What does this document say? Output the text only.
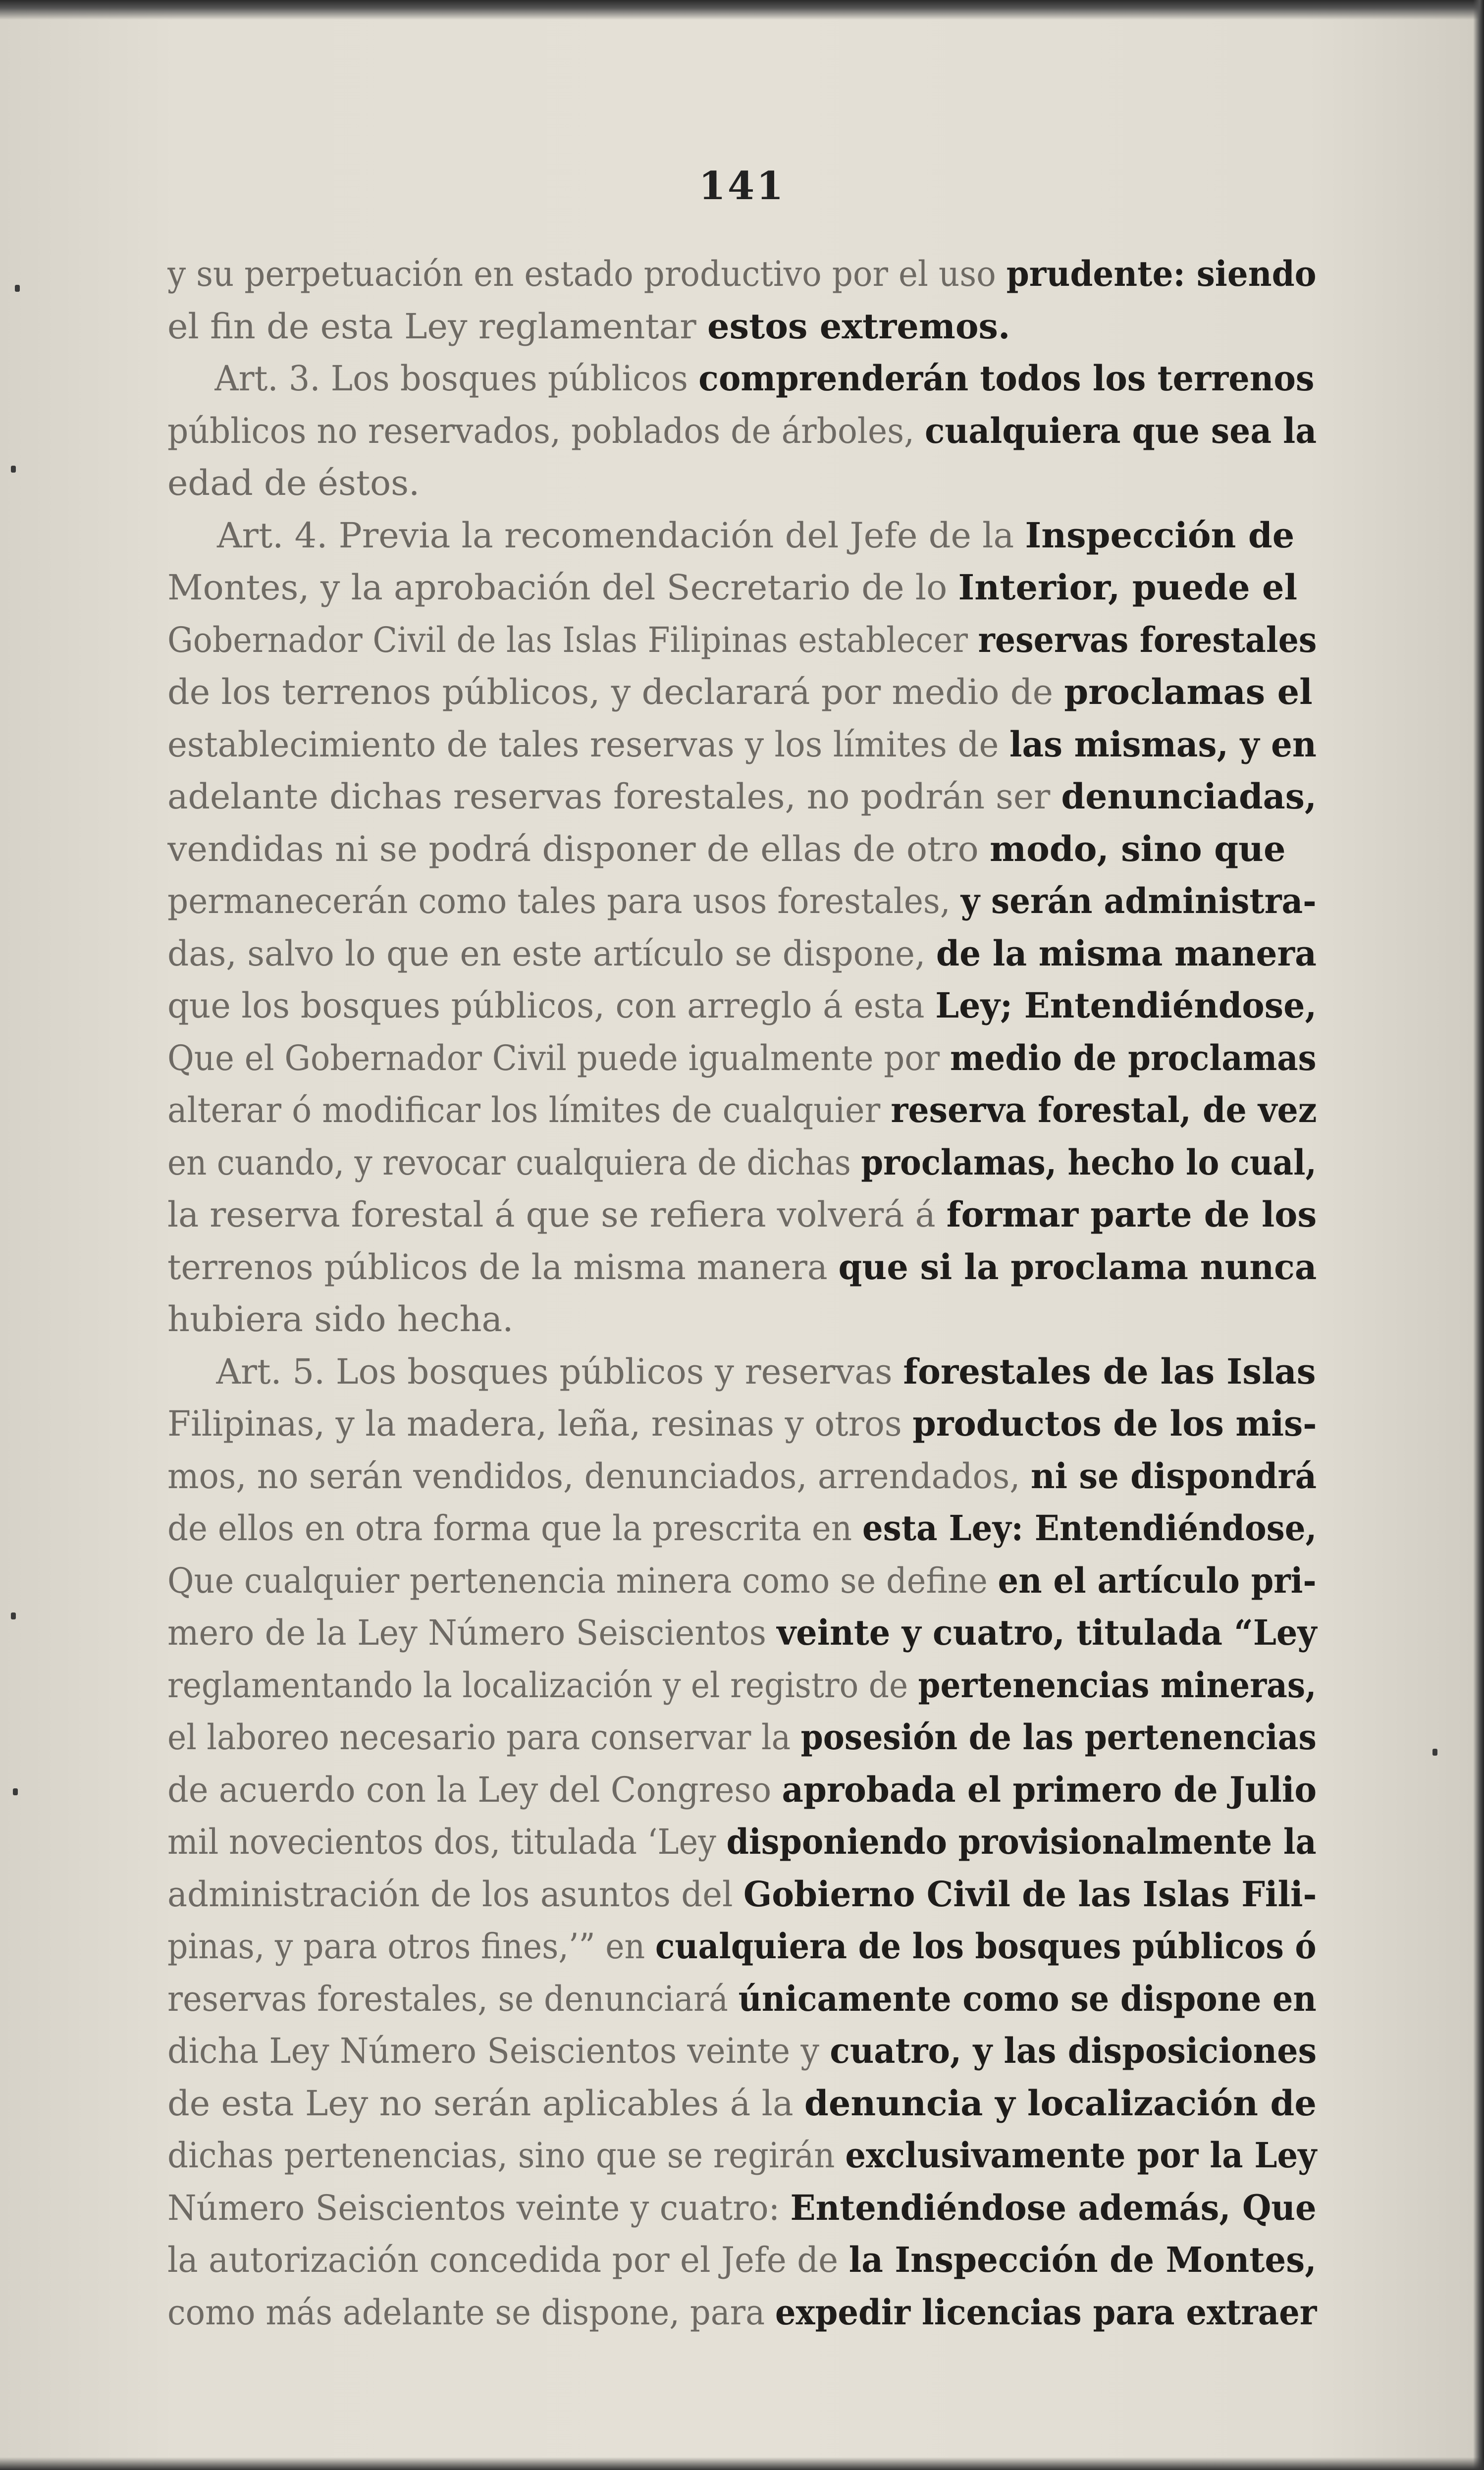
141
y su perpetuación en estado productivo por el uso prudente: siendo
el fin de esta Ley reglamentar estos extremos.
Art. 3. Los bosques públicos comprenderán todos los terrenos
públicos no reservados, poblados de árboles, cualquiera que sea la
edad de éstos.
Art. 4. Previa la recomendación del Jefe de la Inspección de
Montes, y la aprobación del Secretario de lo Interior, puede el
Gobernador Civil de las Islas Filipinas establecer reservas forestales
de los terrenos públicos, y declarará por medio de proclamas el
establecimiento de tales reservas y los límites de las mismas, y en
adelante dichas reservas forestales, no podrán ser denunciadas,
vendidas ni se podrá disponer de ellas de otro modo, sino que
permanecerán como tales para usos forestales, y serán administra-
das, salvo lo que en este artículo se dispone, de la misma manera
que los bosques públicos, con arreglo á esta Ley; Entendiéndose,
Que el Gobernador Civil puede igualmente por medio de proclamas
alterar ó modificar los límites de cualquier reserva forestal, de vez
en cuando, y revocar cualquiera de dichas proclamas, hecho lo cual,
la reserva forestal á que se refiera volverá á formar parte de los
terrenos públicos de la misma manera que si la proclama nunca
hubiera sido hecha.
Art. 5. Los bosques públicos y reservas forestales de las Islas
Filipinas, y la madera, leña, resinas y otros productos de los mis-
mos, no serán vendidos, denunciados, arrendados, ni se dispondrá
de ellos en otra forma que la prescrita en esta Ley: Entendiéndose,
Que cualquier pertenencia minera como se define en el artículo pri-
mero de la Ley Número Seiscientos veinte y cuatro, titulada “Ley
reglamentando la localización y el registro de pertenencias mineras,
el laboreo necesario para conservar la posesión de las pertenencias
de acuerdo con la Ley del Congreso aprobada el primero de Julio
mil novecientos dos, titulada ‘Ley disponiendo provisionalmente la
administración de los asuntos del Gobierno Civil de las Islas Fili-
pinas, y para otros fines,’” en cualquiera de los bosques públicos ó
reservas forestales, se denunciará únicamente como se dispone en
dicha Ley Número Seiscientos veinte y cuatro, y las disposiciones
de esta Ley no serán aplicables á la denuncia y localización de
dichas pertenencias, sino que se regirán exclusivamente por la Ley
Número Seiscientos veinte y cuatro: Entendiéndose además, Que
la autorización concedida por el Jefe de la Inspección de Montes,
como más adelante se dispone, para expedir licencias para extraer
